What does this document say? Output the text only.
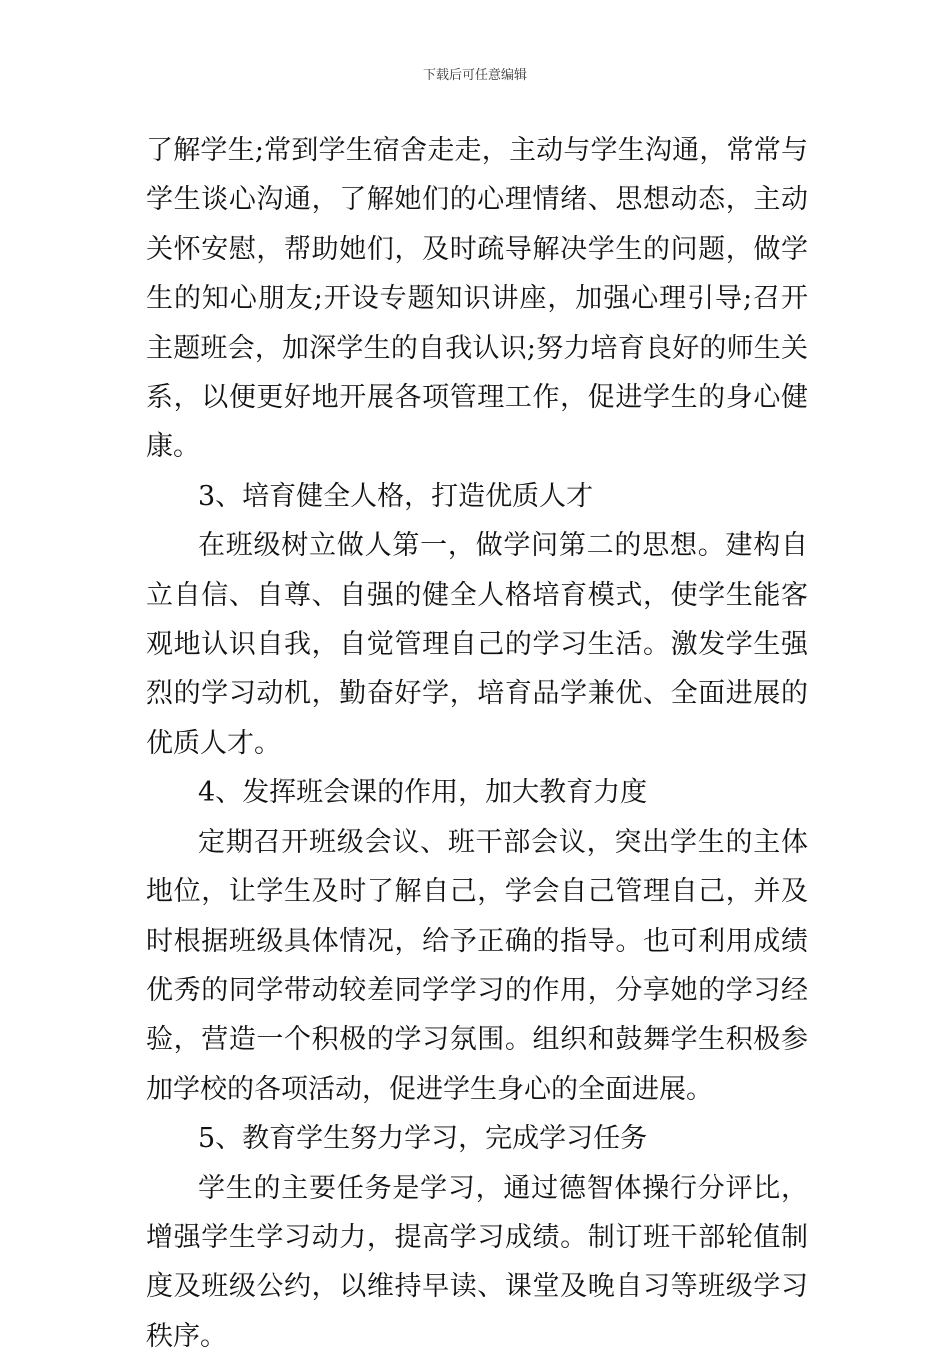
下载后可任意编辑

了解学生;常到学生宿舍走走，主动与学生沟通，常常与学生谈心沟通，了解她们的心理情绪、思想动态，主动关怀安慰，帮助她们，及时疏导解决学生的问题，做学生的知心朋友;开设专题知识讲座，加强心理引导;召开主题班会，加深学生的自我认识;努力培育良好的师生关系，以便更好地开展各项管理工作，促进学生的身心健康。

3、培育健全人格，打造优质人才

在班级树立做人第一，做学问第二的思想。建构自立自信、自尊、自强的健全人格培育模式，使学生能客观地认识自我，自觉管理自己的学习生活。激发学生强烈的学习动机，勤奋好学，培育品学兼优、全面进展的优质人才。

4、发挥班会课的作用，加大教育力度

定期召开班级会议、班干部会议，突出学生的主体地位，让学生及时了解自己，学会自己管理自己，并及时根据班级具体情况，给予正确的指导。也可利用成绩优秀的同学带动较差同学学习的作用，分享她的学习经验，营造一个积极的学习氛围。组织和鼓舞学生积极参加学校的各项活动，促进学生身心的全面进展。

5、教育学生努力学习，完成学习任务

学生的主要任务是学习，通过德智体操行分评比，增强学生学习动力，提高学习成绩。制订班干部轮值制度及班级公约，以维持早读、课堂及晚自习等班级学习秩序。
